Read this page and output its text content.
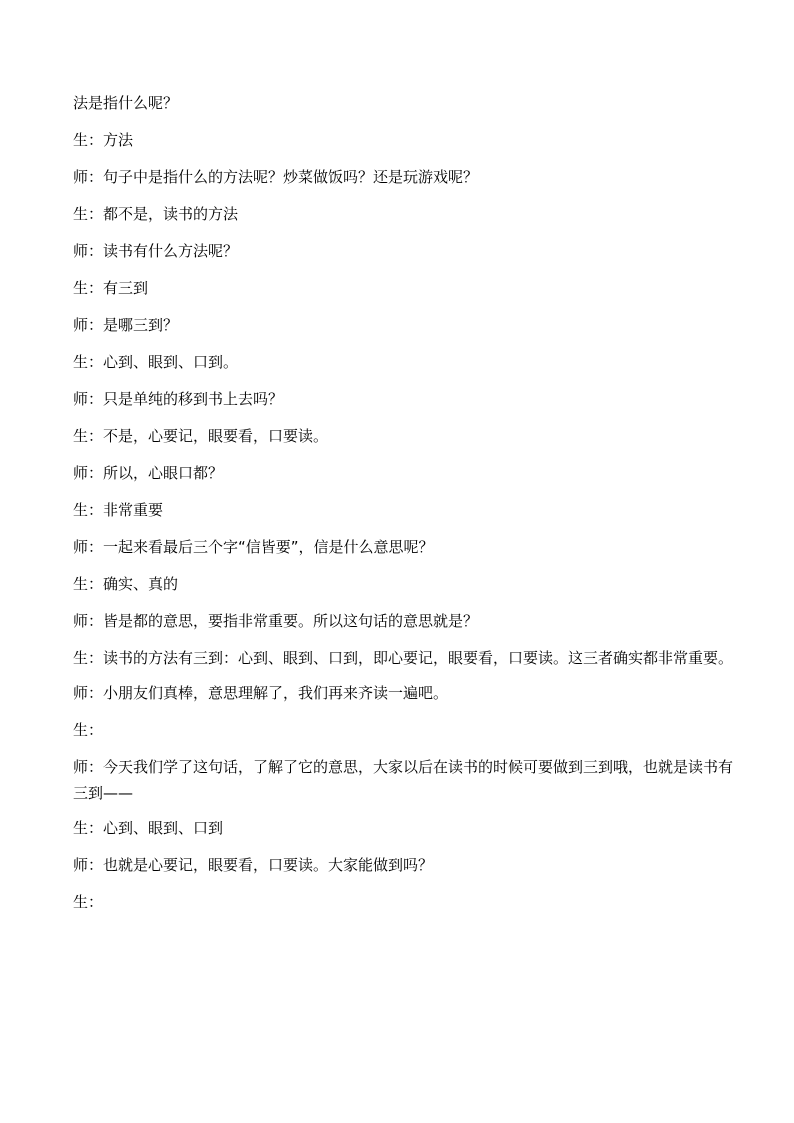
法是指什么呢？

生：方法

师：句子中是指什么的方法呢？炒菜做饭吗？还是玩游戏呢？

生：都不是，读书的方法

师：读书有什么方法呢？

生：有三到

师：是哪三到？

生：心到、眼到、口到。

师：只是单纯的移到书上去吗？

生：不是，心要记，眼要看，口要读。

师：所以，心眼口都？

生：非常重要

师：一起来看最后三个字“信皆要”，信是什么意思呢？

生：确实、真的

师：皆是都的意思，要指非常重要。所以这句话的意思就是？

生：读书的方法有三到：心到、眼到、口到，即心要记，眼要看，口要读。这三者确实都非常重要。

师：小朋友们真棒，意思理解了，我们再来齐读一遍吧。

生：

师：今天我们学了这句话，了解了它的意思，大家以后在读书的时候可要做到三到哦，也就是读书有三到——

生：心到、眼到、口到

师：也就是心要记，眼要看，口要读。大家能做到吗？

生：
